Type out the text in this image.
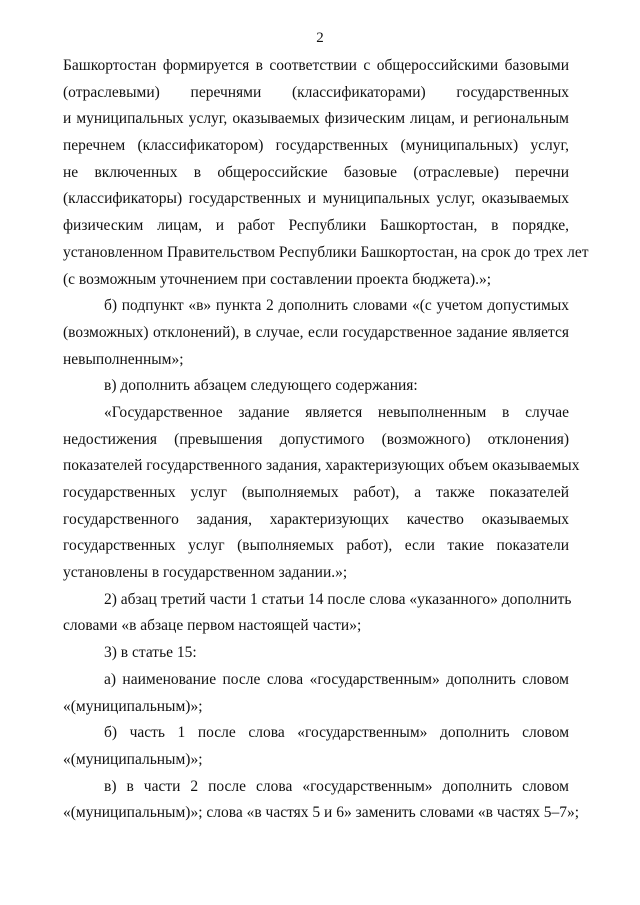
2
Башкортостан формируется в соответствии с общероссийскими базовыми
(отраслевыми) перечнями (классификаторами) государственных
и муниципальных услуг, оказываемых физическим лицам, и региональным
перечнем (классификатором) государственных (муниципальных) услуг,
не включенных в общероссийские базовые (отраслевые) перечни
(классификаторы) государственных и муниципальных услуг, оказываемых
физическим лицам, и работ Республики Башкортостан, в порядке,
установленном Правительством Республики Башкортостан, на срок до трех лет
(с возможным уточнением при составлении проекта бюджета).»;
б) подпункт «в» пункта 2 дополнить словами «(с учетом допустимых
(возможных) отклонений), в случае, если государственное задание является
невыполненным»;
в) дополнить абзацем следующего содержания:
«Государственное задание является невыполненным в случае
недостижения (превышения допустимого (возможного) отклонения)
показателей государственного задания, характеризующих объем оказываемых
государственных услуг (выполняемых работ), а также показателей
государственного задания, характеризующих качество оказываемых
государственных услуг (выполняемых работ), если такие показатели
установлены в государственном задании.»;
2) абзац третий части 1 статьи 14 после слова «указанного» дополнить
словами «в абзаце первом настоящей части»;
3) в статье 15:
а) наименование после слова «государственным» дополнить словом
«(муниципальным)»;
б) часть 1 после слова «государственным» дополнить словом
«(муниципальным)»;
в) в части 2 после слова «государственным» дополнить словом
«(муниципальным)»; слова «в частях 5 и 6» заменить словами «в частях 5–7»;
